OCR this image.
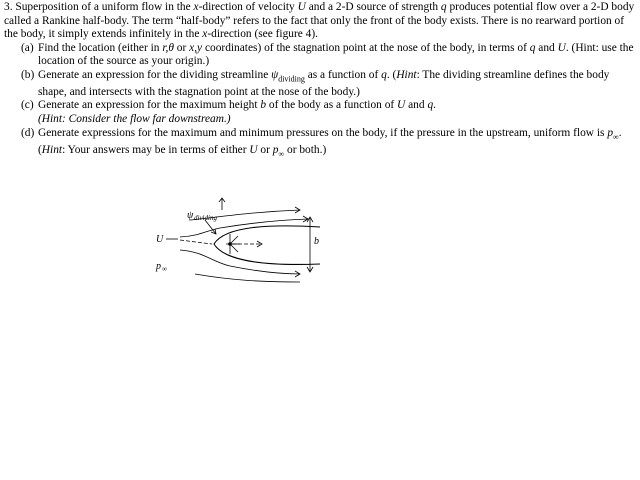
3. Superposition of a uniform flow in the x-direction of velocity U and a 2-D source of strength q produces potential flow over a 2-D body called a Rankine half-body. The term “half-body” refers to the fact that only the front of the body exists. There is no rearward portion of the body, it simply extends infinitely in the x-direction (see figure 4).

(a) Find the location (either in r,θ or x,y coordinates) of the stagnation point at the nose of the body, in terms of q and U. (Hint: use the location of the source as your origin.)
(b) Generate an expression for the dividing streamline $\psi_{dividing}$ as a function of q. (Hint: The dividing streamline defines the body shape, and intersects with the stagnation point at the nose of the body.)
(c) Generate an expression for the maximum height b of the body as a function of U and q.
(Hint: Consider the flow far downstream.)
(d) Generate expressions for the maximum and minimum pressures on the body, if the pressure in the upstream, uniform flow is $p_\infty$. (Hint: Your answers may be in terms of either U or $p_\infty$ or both.)
ψ dividing
U	b
p ∞
